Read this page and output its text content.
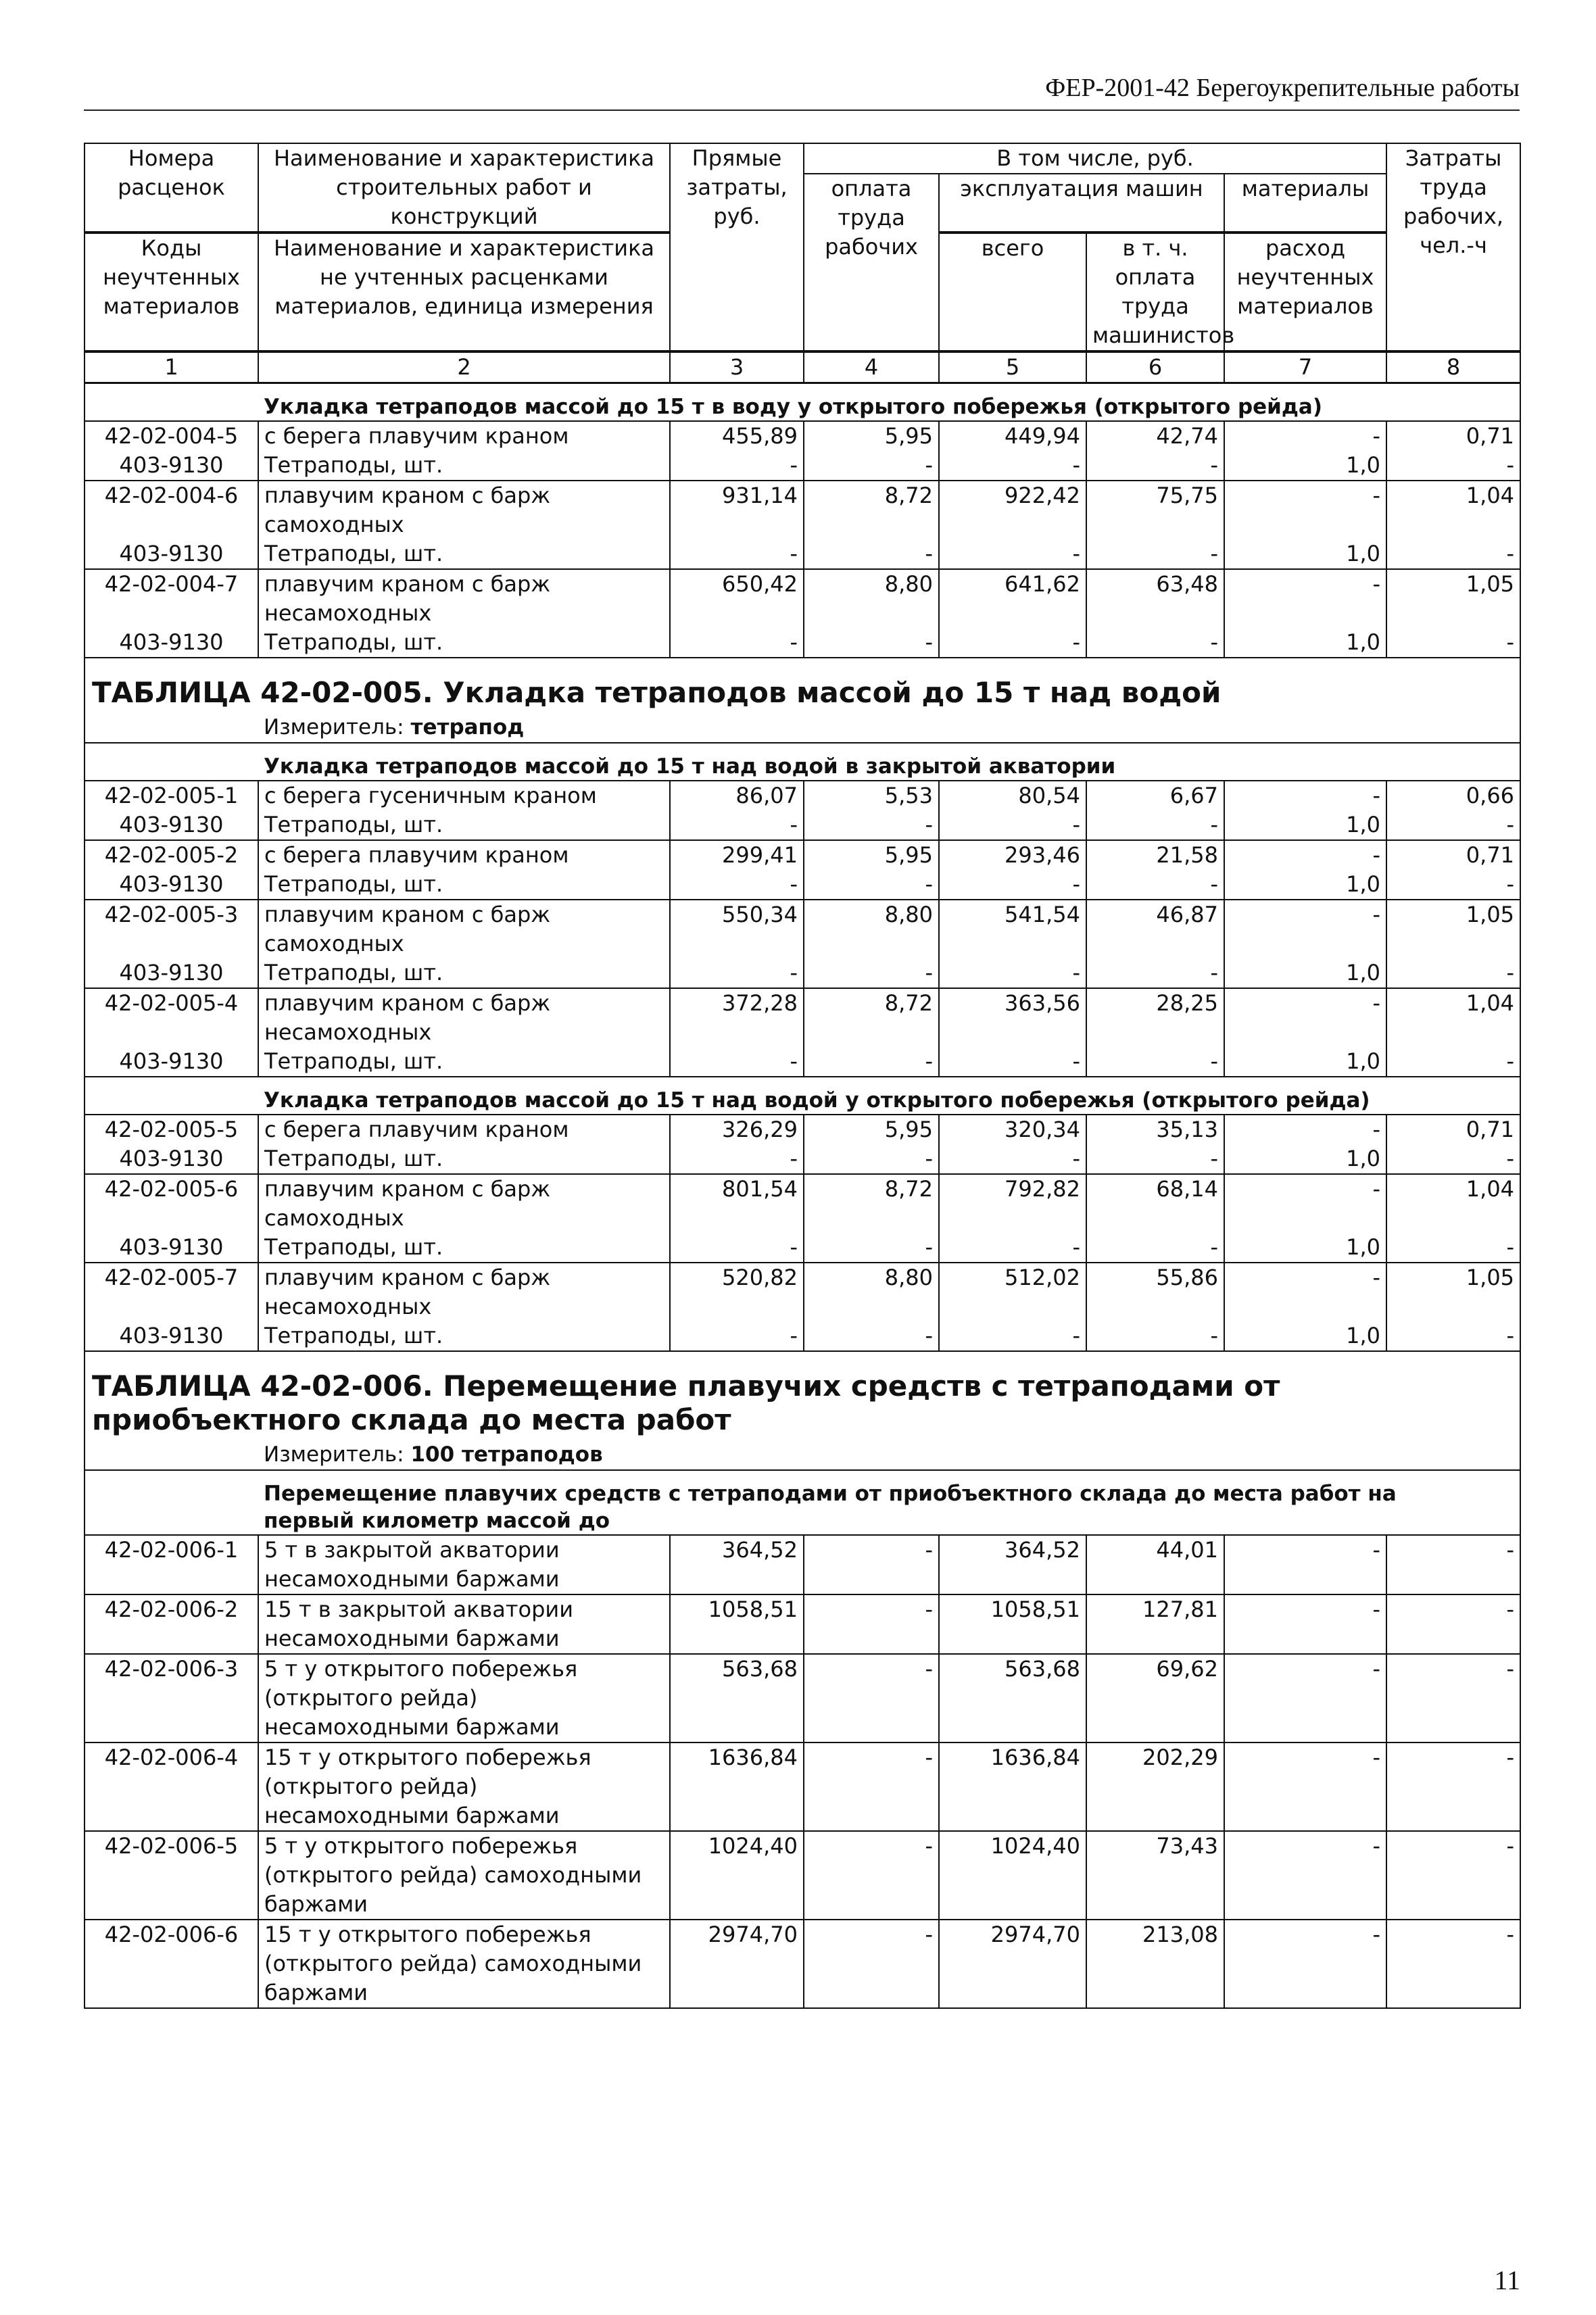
ФЕР-2001-42 Берегоукрепительные работы
Номера расценок	Наименование и характеристика строительных работ и конструкций	Прямые затраты, руб.	В том числе, руб.				Затраты труда рабочих, чел.-ч
			оплата труда рабочих	эксплуатация машин		материалы	
Коды неучтенных материалов	Наименование и характеристика не учтенных расценками материалов, единица измерения			всего	в т. ч. оплата труда машинистов	расход неучтенных материалов	
1	2	3	4	5	6	7	8
	Укладка тетраподов массой до 15 т в воду у открытого побережья (открытого рейда)						
42-02-004-5	с берега плавучим краном	455,89	5,95	449,94	42,74	-	0,71
403-9130	Тетраподы, шт.	-	-	-	-	1,0	-
42-02-004-6	плавучим краном с барж
самоходных	931,14	8,72	922,42	75,75	-	1,04
403-9130	Тетраподы, шт.	-	-	-	-	1,0	-
42-02-004-7	плавучим краном с барж
несамоходных	650,42	8,80	641,62	63,48	-	1,05
403-9130	Тетраподы, шт.	-	-	-	-	1,0	-
ТАБЛИЦА 42-02-005. Укладка тетраподов массой до 15 т над водой							
	Измеритель: тетрапод						
	Укладка тетраподов массой до 15 т над водой в закрытой акватории						
42-02-005-1	с берега гусеничным краном	86,07	5,53	80,54	6,67	-	0,66
403-9130	Тетраподы, шт.	-	-	-	-	1,0	-
42-02-005-2	с берега плавучим краном	299,41	5,95	293,46	21,58	-	0,71
403-9130	Тетраподы, шт.	-	-	-	-	1,0	-
42-02-005-3	плавучим краном с барж
самоходных	550,34	8,80	541,54	46,87	-	1,05
403-9130	Тетраподы, шт.	-	-	-	-	1,0	-
42-02-005-4	плавучим краном с барж
несамоходных	372,28	8,72	363,56	28,25	-	1,04
403-9130	Тетраподы, шт.	-	-	-	-	1,0	-
	Укладка тетраподов массой до 15 т над водой у открытого побережья (открытого рейда)						
42-02-005-5	с берега плавучим краном	326,29	5,95	320,34	35,13	-	0,71
403-9130	Тетраподы, шт.	-	-	-	-	1,0	-
42-02-005-6	плавучим краном с барж
самоходных	801,54	8,72	792,82	68,14	-	1,04
403-9130	Тетраподы, шт.	-	-	-	-	1,0	-
42-02-005-7	плавучим краном с барж
несамоходных	520,82	8,80	512,02	55,86	-	1,05
403-9130	Тетраподы, шт.	-	-	-	-	1,0	-
ТАБЛИЦА 42-02-006. Перемещение плавучих средств с тетраподами от
приобъектного склада до места работ							
	Измеритель: 100 тетраподов						
	Перемещение плавучих средств с тетраподами от приобъектного склада до места работ на
первый километр массой до						
42-02-006-1	5 т в закрытой акватории
несамоходными баржами	364,52	-	364,52	44,01	-	-
42-02-006-2	15 т в закрытой акватории
несамоходными баржами	1058,51	-	1058,51	127,81	-	-
42-02-006-3	5 т у открытого побережья
(открытого рейда)
несамоходными баржами	563,68	-	563,68	69,62	-	-
42-02-006-4	15 т у открытого побережья
(открытого рейда)
несамоходными баржами	1636,84	-	1636,84	202,29	-	-
42-02-006-5	5 т у открытого побережья
(открытого рейда) самоходными
баржами	1024,40	-	1024,40	73,43	-	-
42-02-006-6	15 т у открытого побережья
(открытого рейда) самоходными
баржами	2974,70	-	2974,70	213,08	-	-
11
